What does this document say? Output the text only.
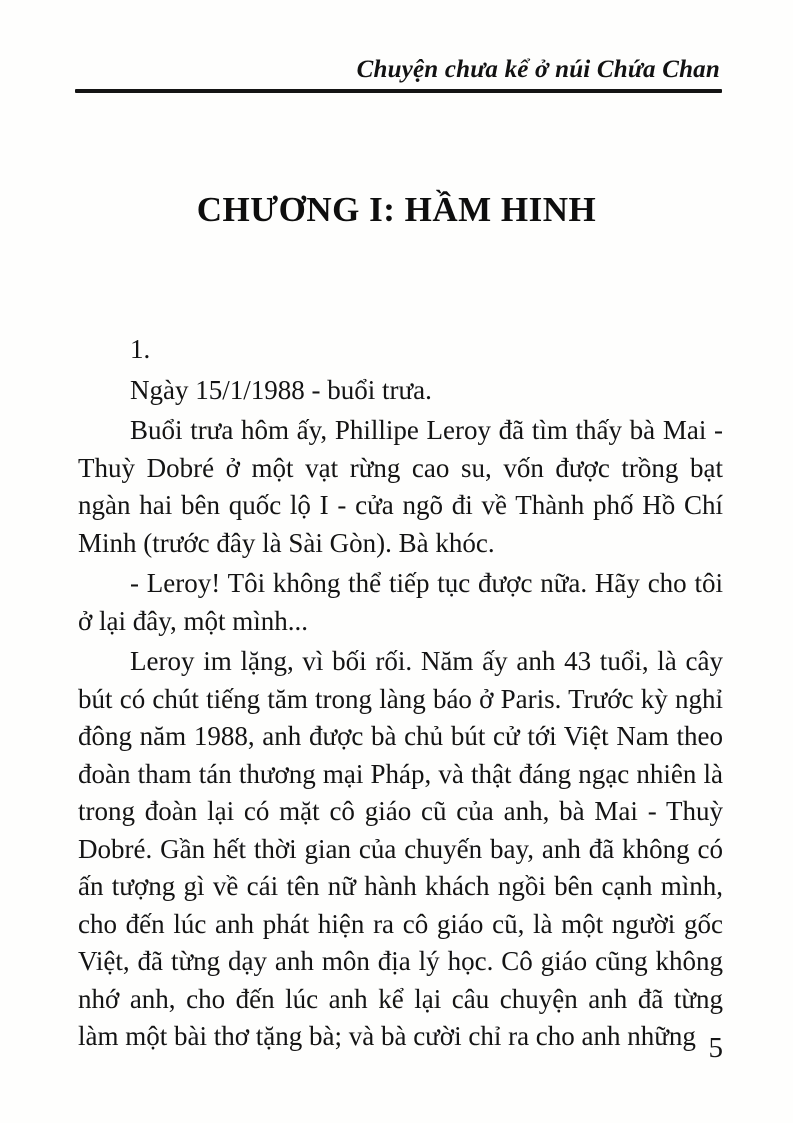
Chuyện chưa kể ở núi Chứa Chan
CHƯƠNG I: HẦM HINH

1.

Ngày 15/1/1988 - buổi trưa.

Buổi trưa hôm ấy, Phillipe Leroy đã tìm thấy bà Mai - Thuỳ Dobré ở một vạt rừng cao su, vốn được trồng bạt ngàn hai bên quốc lộ I - cửa ngõ đi về Thành phố Hồ Chí Minh (trước đây là Sài Gòn). Bà khóc.

- Leroy! Tôi không thể tiếp tục được nữa. Hãy cho tôi ở lại đây, một mình...

Leroy im lặng, vì bối rối. Năm ấy anh 43 tuổi, là cây bút có chút tiếng tăm trong làng báo ở Paris. Trước kỳ nghỉ đông năm 1988, anh được bà chủ bút cử tới Việt Nam theo đoàn tham tán thương mại Pháp, và thật đáng ngạc nhiên là trong đoàn lại có mặt cô giáo cũ của anh, bà Mai - Thuỳ Dobré. Gần hết thời gian của chuyến bay, anh đã không có ấn tượng gì về cái tên nữ hành khách ngồi bên cạnh mình, cho đến lúc anh phát hiện ra cô giáo cũ, là một người gốc Việt, đã từng dạy anh môn địa lý học. Cô giáo cũng không nhớ anh, cho đến lúc anh kể lại câu chuyện anh đã từng làm một bài thơ tặng bà; và bà cười chỉ ra cho anh những 5
